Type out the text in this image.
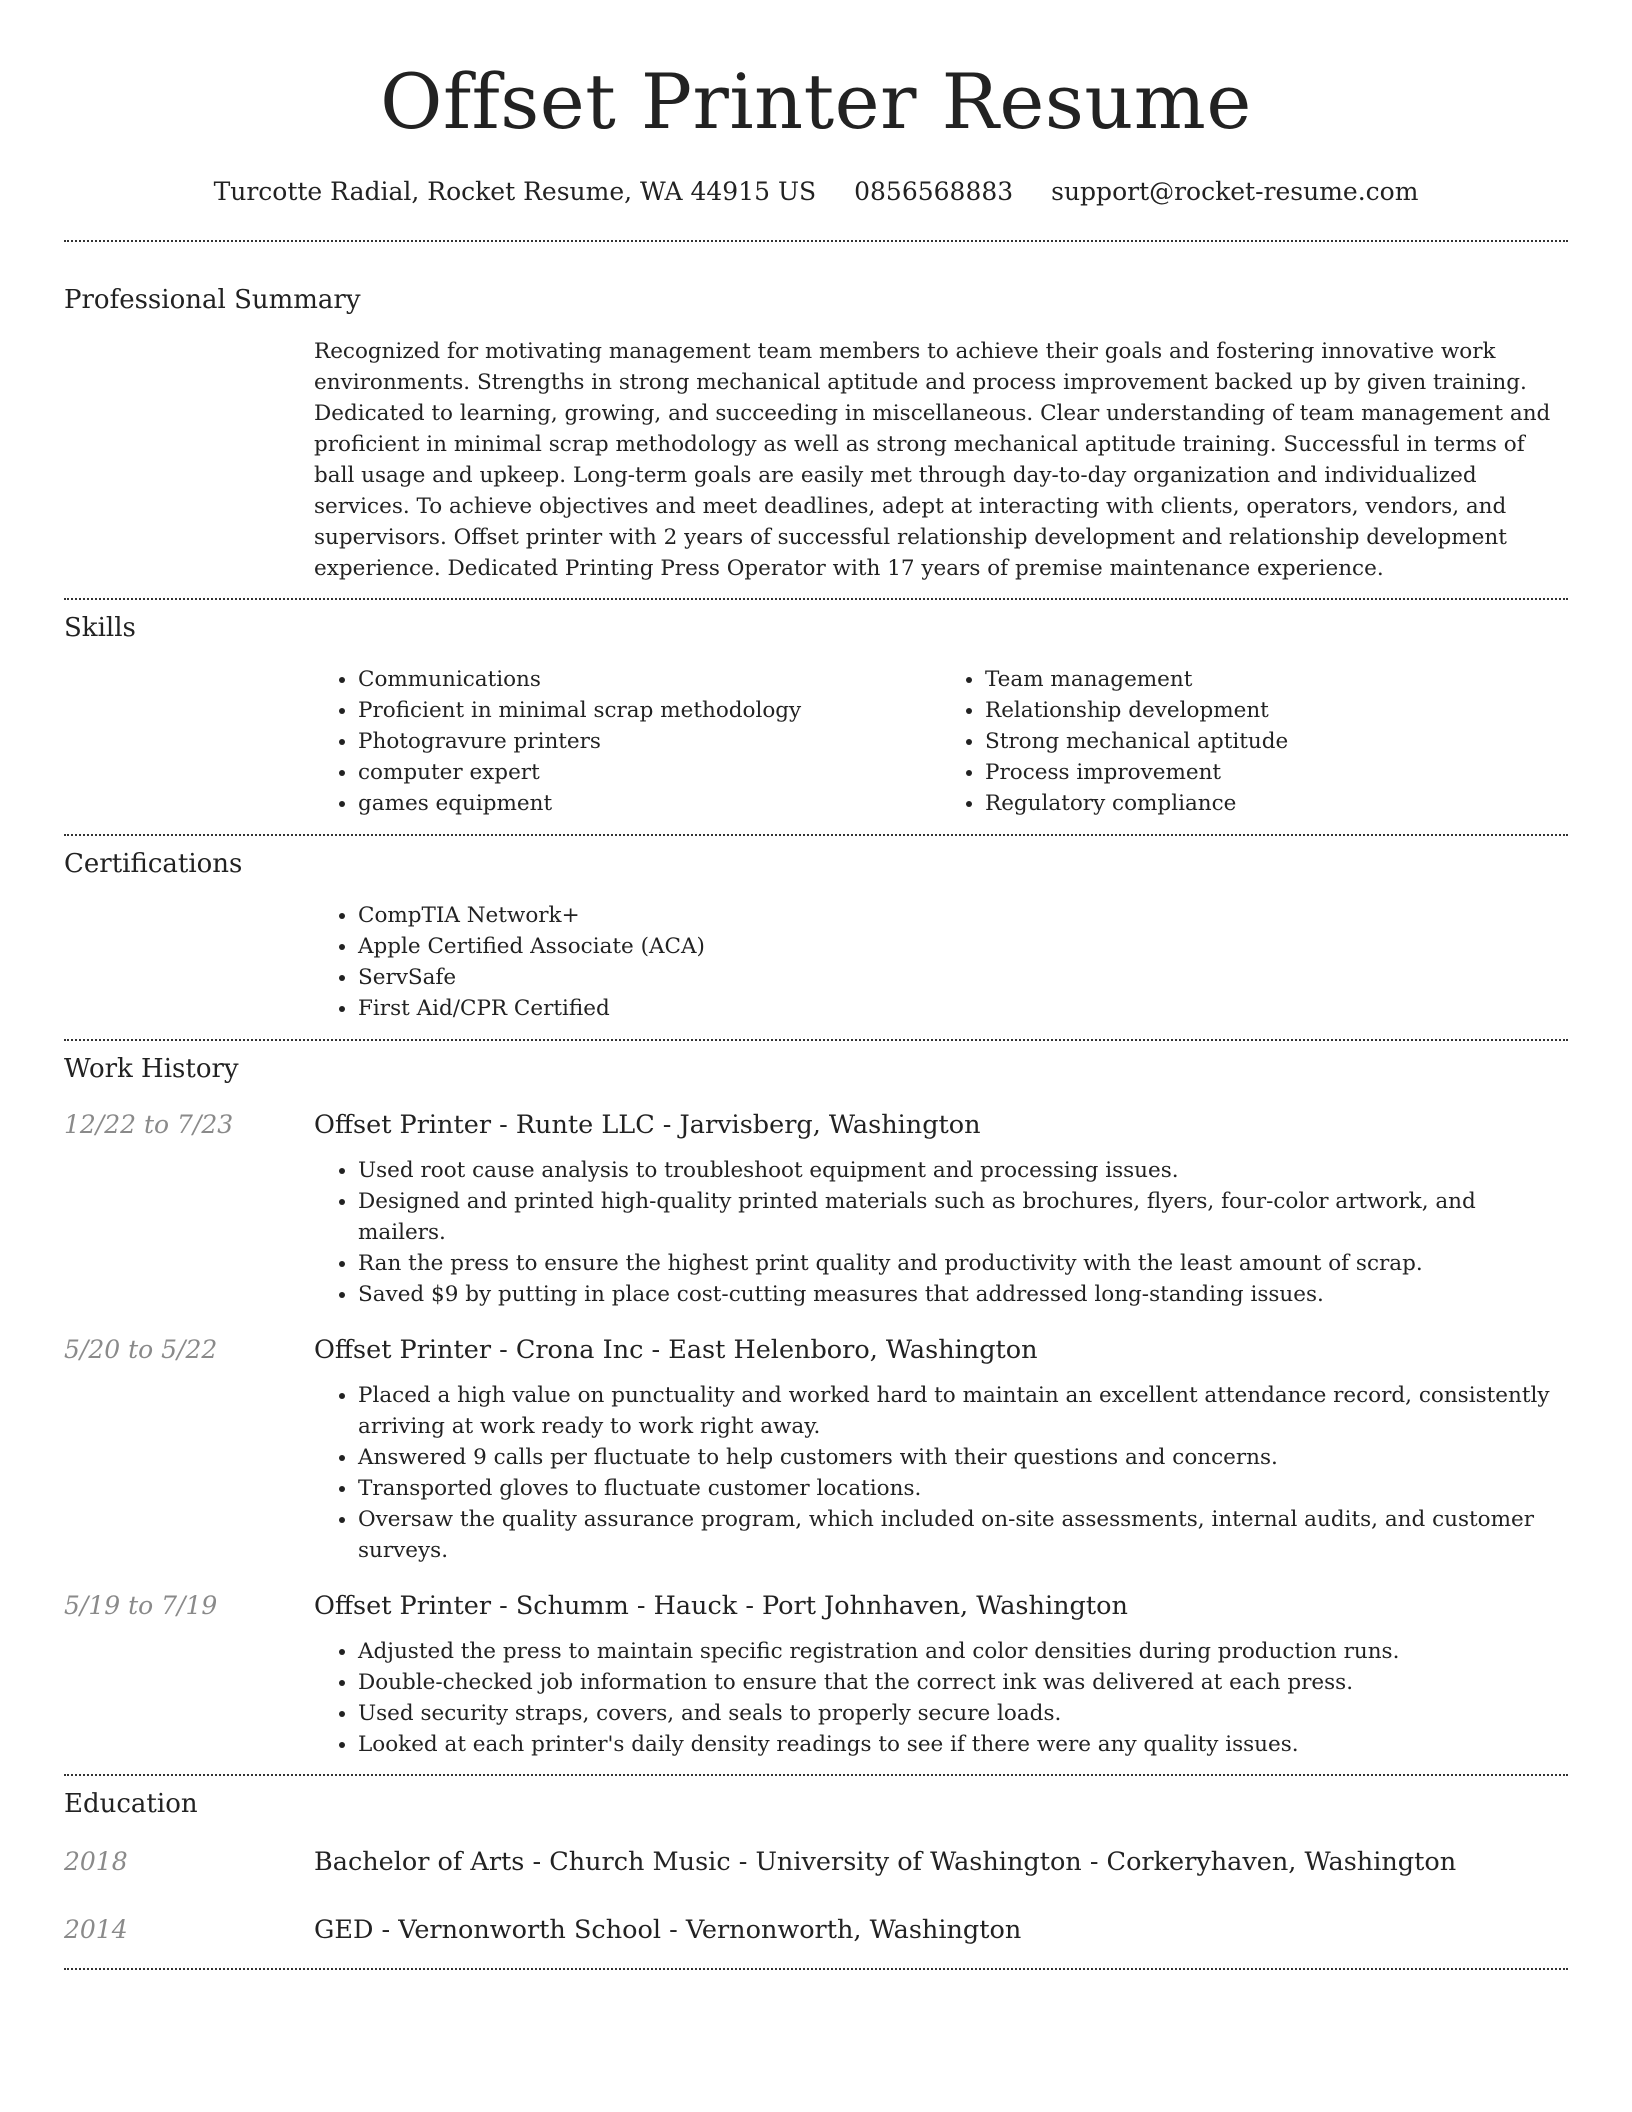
Offset Printer Resume
Turcotte Radial, Rocket Resume, WA 44915 US 0856568883 support@rocket-resume.com
Professional Summary
Recognized for motivating management team members to achieve their goals and fostering innovative work environments. Strengths in strong mechanical aptitude and process improvement backed up by given training. Dedicated to learning, growing, and succeeding in miscellaneous. Clear understanding of team management and proficient in minimal scrap methodology as well as strong mechanical aptitude training. Successful in terms of ball usage and upkeep. Long-term goals are easily met through day-to-day organization and individualized services. To achieve objectives and meet deadlines, adept at interacting with clients, operators, vendors, and supervisors. Offset printer with 2 years of successful relationship development and relationship development experience. Dedicated Printing Press Operator with 17 years of premise maintenance experience.
Skills
• Communications
• Proficient in minimal scrap methodology
• Photogravure printers
• computer expert
• games equipment
• Team management
• Relationship development
• Strong mechanical aptitude
• Process improvement
• Regulatory compliance
Certifications
• CompTIA Network+
• Apple Certified Associate (ACA)
• ServSafe
• First Aid/CPR Certified
Work History
12/22 to 7/23	Offset Printer - Runte LLC - Jarvisberg, Washington
• Used root cause analysis to troubleshoot equipment and processing issues.
• Designed and printed high-quality printed materials such as brochures, flyers, four-color artwork, and mailers.
• Ran the press to ensure the highest print quality and productivity with the least amount of scrap.
• Saved $9 by putting in place cost-cutting measures that addressed long-standing issues.
5/20 to 5/22	Offset Printer - Crona Inc - East Helenboro, Washington
• Placed a high value on punctuality and worked hard to maintain an excellent attendance record, consistently arriving at work ready to work right away.
• Answered 9 calls per fluctuate to help customers with their questions and concerns.
• Transported gloves to fluctuate customer locations.
• Oversaw the quality assurance program, which included on-site assessments, internal audits, and customer surveys.
5/19 to 7/19	Offset Printer - Schumm - Hauck - Port Johnhaven, Washington
• Adjusted the press to maintain specific registration and color densities during production runs.
• Double-checked job information to ensure that the correct ink was delivered at each press.
• Used security straps, covers, and seals to properly secure loads.
• Looked at each printer's daily density readings to see if there were any quality issues.
Education
2018	Bachelor of Arts - Church Music - University of Washington - Corkeryhaven, Washington
2014	GED - Vernonworth School - Vernonworth, Washington
